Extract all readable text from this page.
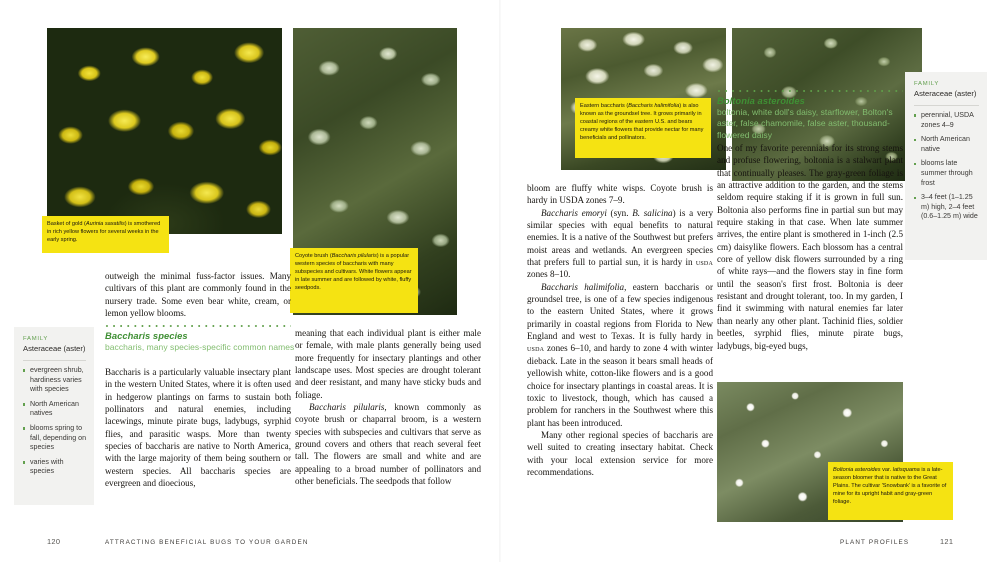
Basket of gold (Aurinia saxatilis) is smothered in rich yellow flowers for several weeks in the early spring.
Coyote brush (Baccharis pilularis) is a popular western species of baccharis with many subspecies and cultivars. White flowers appear in late summer and are followed by white, fluffy seedpods.

outweigh the minimal fuss-factor issues. Many cultivars of this plant are commonly found in the nursery trade. Some even bear white, cream, or lemon yellow blooms.

FAMILY
Asteraceae (aster)
evergreen shrub, hardiness varies with species
North American natives
blooms spring to fall, depending on species
varies with species
Baccharis species
baccharis, many species-specific common names

Baccharis is a particularly valuable insectary plant in the western United States, where it is often used in hedgerow plantings on farms to sustain both pollinators and natural enemies, including lacewings, minute pirate bugs, ladybugs, syrphid flies, and parasitic wasps. More than twenty species of baccharis are native to North America, with the large majority of them being southern or western species. All baccharis species are evergreen and dioecious,

meaning that each individual plant is either male or female, with male plants generally being used more frequently for insectary plantings and other landscape uses. Most species are drought tolerant and deer resistant, and many have sticky buds and foliage.

Baccharis pilularis, known commonly as coyote brush or chaparral broom, is a western species with subspecies and cultivars that serve as ground covers and others that reach several feet tall. The flowers are small and white and are appealing to a broad number of pollinators and other beneficials. The seedpods that follow

120	ATTRACTING BENEFICIAL BUGS TO YOUR GARDEN
Eastern baccharis (Baccharis halimifolia) is also known as the groundsel tree. It grows primarily in coastal regions of the eastern U.S. and bears creamy white flowers that provide nectar for many beneficials and pollinators.

bloom are fluffy white wisps. Coyote brush is hardy in USDA zones 7–9.

Baccharis emoryi (syn. B. salicina) is a very similar species with equal benefits to natural enemies. It is a native of the Southwest but prefers moist areas and wetlands. An evergreen species that prefers full to partial sun, it is hardy in usda zones 8–10.

Baccharis halimifolia, eastern baccharis or groundsel tree, is one of a few species indigenous to the eastern United States, where it grows primarily in coastal regions from Florida to New England and west to Texas. It is fully hardy in usda zones 6–10, and hardy to zone 4 with winter dieback. Late in the season it bears small heads of yellowish white, cotton-like flowers and is a good choice for insectary plantings in coastal areas. It is toxic to livestock, though, which has caused a problem for ranchers in the Southwest where this plant has been introduced.

Many other regional species of baccharis are well suited to creating insectary habitat. Check with your local extension service for more recommendations.

Boltonia asteroides
boltonia, white doll's daisy, starflower, Bolton's aster, false chamomile, false aster, thousand-flowered daisy

One of my favorite perennials for its strong stems and profuse flowering, boltonia is a stalwart plant that continually pleases. The gray-green foliage is an attractive addition to the garden, and the stems seldom require staking if it is grown in full sun. Boltonia also performs fine in partial sun but may require staking in that case. When late summer arrives, the entire plant is smothered in 1-inch (2.5 cm) daisylike flowers. Each blossom has a central core of yellow disk flowers surrounded by a ring of white rays—and the flowers stay in fine form until the season's first frost. Boltonia is deer resistant and drought tolerant, too. In my garden, I find it swimming with natural enemies far later than nearly any other plant. Tachinid flies, soldier beetles, syrphid flies, minute pirate bugs, ladybugs, big-eyed bugs,

Boltonia asteroides var. latisquama is a late-season bloomer that is native to the Great Plains. The cultivar 'Snowbank' is a favorite of mine for its upright habit and gray-green foliage.
FAMILY
Asteraceae (aster)
perennial, USDA zones 4–9
North American native
blooms late summer through frost
3–4 feet (1–1.25 m) high, 2–4 feet (0.6–1.25 m) wide
PLANT PROFILES	121
